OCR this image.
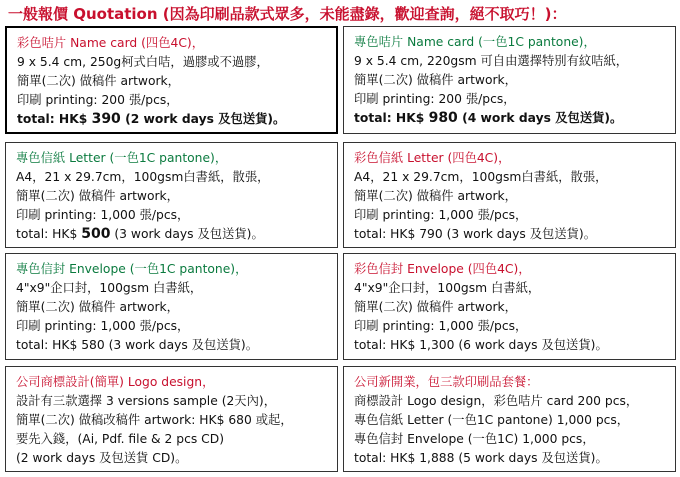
一般報價 Quotation (因為印刷品款式眾多，未能盡錄，歡迎查詢，絕不取巧！)：
彩色咭片 Name card (四色4C)，
9 x 5.4 cm, 250g柯式白咭，過膠或不過膠，
簡單(二次) 做稿件 artwork，
印刷 printing: 200 張/pcs，
total: HK$ 390 (2 work days 及包送貨)。
專色咭片 Name card (一色1C pantone)，
9 x 5.4 cm, 220gsm 可自由選擇特別有紋咭紙，
簡單(二次) 做稿件 artwork，
印刷 printing: 200 張/pcs，
total: HK$ 980 (4 work days 及包送貨)。
專色信紙 Letter (一色1C pantone)，
A4，21 x 29.7cm，100gsm白書紙，散張，
簡單(二次) 做稿件 artwork，
印刷 printing: 1,000 張/pcs，
total: HK$ 500 (3 work days 及包送貨)。
彩色信紙 Letter (四色4C)，
A4，21 x 29.7cm，100gsm白書紙，散張，
簡單(二次) 做稿件 artwork，
印刷 printing: 1,000 張/pcs，
total: HK$ 790 (3 work days 及包送貨)。
專色信封 Envelope (一色1C pantone)，
4"x9"企口封，100gsm 白書紙，
簡單(二次) 做稿件 artwork，
印刷 printing: 1,000 張/pcs，
total: HK$ 580 (3 work days 及包送貨)。
彩色信封 Envelope (四色4C)，
4"x9"企口封，100gsm 白書紙，
簡單(二次) 做稿件 artwork，
印刷 printing: 1,000 張/pcs，
total: HK$ 1,300 (6 work days 及包送貨)。
公司商標設計(簡單) Logo design，
設計有三款選擇 3 versions sample (2天內)，
簡單(二次) 做稿改稿件 artwork: HK$ 680 或起，
要先入錢，(Ai, Pdf. file & 2 pcs CD)
(2 work days 及包送貨 CD)。
公司新開業，包三款印刷品套餐：
商標設計 Logo design，彩色咭片 card 200 pcs，
專色信紙 Letter (一色1C pantone) 1,000 pcs，
專色信封 Envelope (一色1C) 1,000 pcs，
total: HK$ 1,888 (5 work days 及包送貨)。
